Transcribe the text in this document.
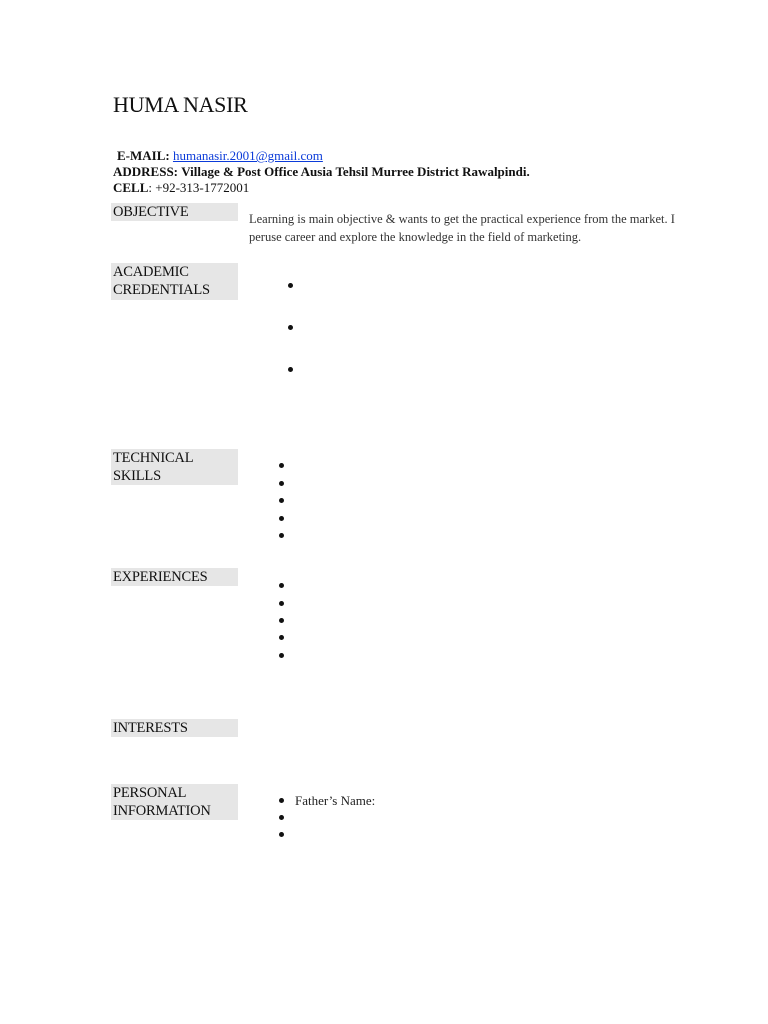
HUMA NASIR
E-MAIL: humanasir.2001@gmail.com
ADDRESS: Village & Post Office Ausia Tehsil Murree District Rawalpindi.
CELL: +92-313-1772001
OBJECTIVE	Learning is main objective & wants to get the practical experience from the market. I
peruse career and explore the knowledge in the field of marketing.
ACADEMIC
CREDENTIALS
TECHNICAL
SKILLS
EXPERIENCES
INTERESTS
PERSONAL
INFORMATION
Father’s Name:
